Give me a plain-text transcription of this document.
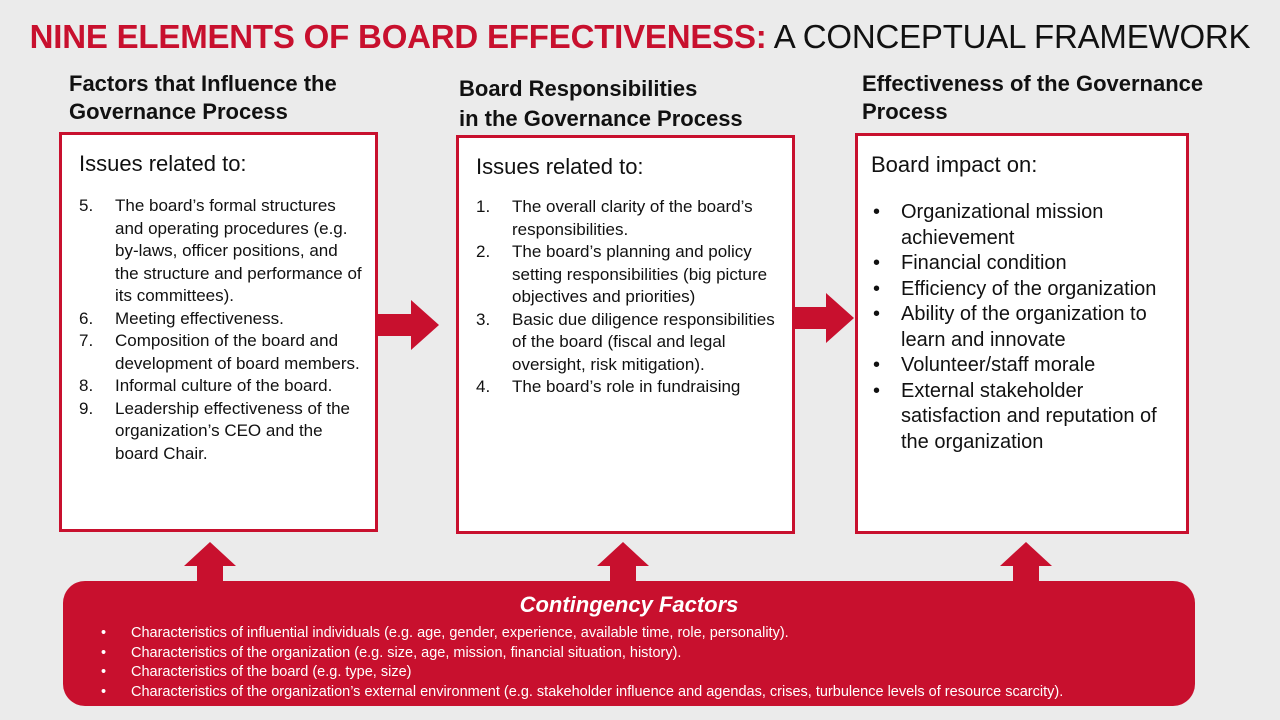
NINE ELEMENTS OF BOARD EFFECTIVENESS: A CONCEPTUAL FRAMEWORK
Factors that Influence the
Governance Process
Issues related to:
5. The board’s formal structures and operating procedures (e.g. by-laws, officer positions, and the structure and performance of its committees).
6. Meeting effectiveness.
7. Composition of the board and development of board members.
8. Informal culture of the board.
9. Leadership effectiveness of the organization’s CEO and the board Chair.
Board Responsibilities
in the Governance Process
Issues related to:
1. The overall clarity of the board’s responsibilities.
2. The board’s planning and policy setting responsibilities (big picture objectives and priorities)
3. Basic due diligence responsibilities of the board (fiscal and legal oversight, risk mitigation).
4. The board’s role in fundraising
Effectiveness of the Governance
Process
Board impact on:
• Organizational mission achievement
• Financial condition
• Efficiency of the organization
• Ability of the organization to learn and innovate
• Volunteer/staff morale
• External stakeholder satisfaction and reputation of the organization
Contingency Factors
• Characteristics of influential individuals (e.g. age, gender, experience, available time, role, personality).
• Characteristics of the organization (e.g. size, age, mission, financial situation, history).
• Characteristics of the board (e.g. type, size)
• Characteristics of the organization’s external environment (e.g. stakeholder influence and agendas, crises, turbulence levels of resource scarcity).
